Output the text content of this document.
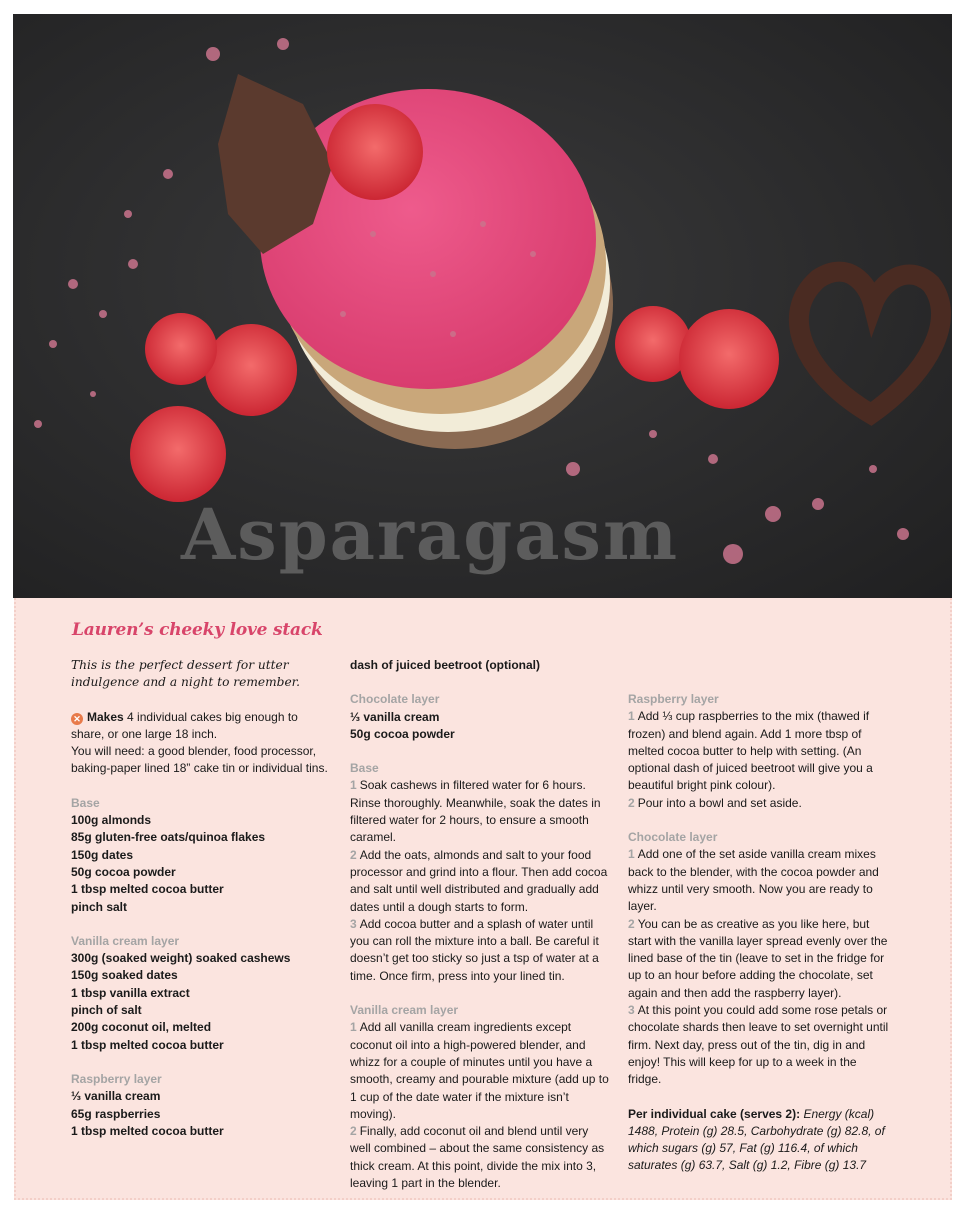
Asparagasm
Lauren’s cheeky love stack

This is the perfect dessert for utter indulgence and a night to remember.

✕ Makes 4 individual cakes big enough to share, or one large 18 inch.

You will need: a good blender, food processor, baking-paper lined 18” cake tin or individual tins.

Base

100g almonds

85g gluten-free oats/quinoa flakes

150g dates

50g cocoa powder

1 tbsp melted cocoa butter

pinch salt

Vanilla cream layer

300g (soaked weight) soaked cashews

150g soaked dates

1 tbsp vanilla extract

pinch of salt

200g coconut oil, melted

1 tbsp melted cocoa butter

Raspberry layer

⅓ vanilla cream

65g raspberries

1 tbsp melted cocoa butter

dash of juiced beetroot (optional)

Chocolate layer

⅓ vanilla cream

50g cocoa powder

Base

1 Soak cashews in filtered water for 6 hours. Rinse thoroughly. Meanwhile, soak the dates in filtered water for 2 hours, to ensure a smooth caramel.

2 Add the oats, almonds and salt to your food processor and grind into a flour. Then add cocoa and salt until well distributed and gradually add dates until a dough starts to form.

3 Add cocoa butter and a splash of water until you can roll the mixture into a ball. Be careful it doesn’t get too sticky so just a tsp of water at a time. Once firm, press into your lined tin.

Vanilla cream layer

1 Add all vanilla cream ingredients except coconut oil into a high-powered blender, and whizz for a couple of minutes until you have a smooth, creamy and pourable mixture (add up to 1 cup of the date water if the mixture isn’t moving).

2 Finally, add coconut oil and blend until very well combined – about the same consistency as thick cream. At this point, divide the mix into 3, leaving 1 part in the blender.

Raspberry layer

1 Add ⅓ cup raspberries to the mix (thawed if frozen) and blend again. Add 1 more tbsp of melted cocoa butter to help with setting. (An optional dash of juiced beetroot will give you a beautiful bright pink colour).

2 Pour into a bowl and set aside.

Chocolate layer

1 Add one of the set aside vanilla cream mixes back to the blender, with the cocoa powder and whizz until very smooth. Now you are ready to layer.

2 You can be as creative as you like here, but start with the vanilla layer spread evenly over the lined base of the tin (leave to set in the fridge for up to an hour before adding the chocolate, set again and then add the raspberry layer).

3 At this point you could add some rose petals or chocolate shards then leave to set overnight until firm. Next day, press out of the tin, dig in and enjoy! This will keep for up to a week in the fridge.

Per individual cake (serves 2): Energy (kcal) 1488, Protein (g) 28.5, Carbohydrate (g) 82.8, of which sugars (g) 57, Fat (g) 116.4, of which saturates (g) 63.7, Salt (g) 1.2, Fibre (g) 13.7
